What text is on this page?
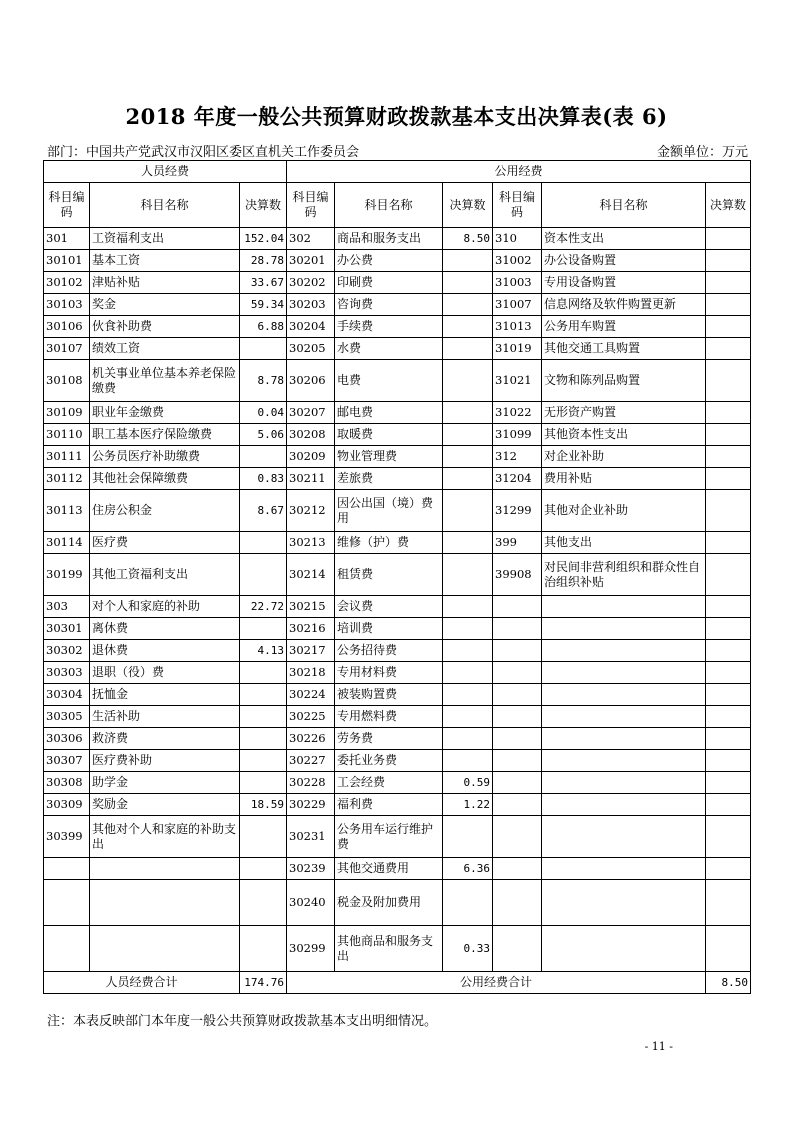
2018 年度一般公共预算财政拨款基本支出决算表(表 6)
部门：中国共产党武汉市汉阳区委区直机关工作委员会	金额单位：万元
人员经费			公用经费					
科目编码	科目名称	决算数	科目编码	科目名称	决算数	科目编码	科目名称	决算数
301	工资福利支出	152.04	302	商品和服务支出	8.50	310	资本性支出	
30101	基本工资	28.78	30201	办公费		31002	办公设备购置	
30102	津贴补贴	33.67	30202	印刷费		31003	专用设备购置	
30103	奖金	59.34	30203	咨询费		31007	信息网络及软件购置更新	
30106	伙食补助费	6.88	30204	手续费		31013	公务用车购置	
30107	绩效工资		30205	水费		31019	其他交通工具购置	
30108	机关事业单位基本养老保险缴费	8.78	30206	电费		31021	文物和陈列品购置	
30109	职业年金缴费	0.04	30207	邮电费		31022	无形资产购置	
30110	职工基本医疗保险缴费	5.06	30208	取暖费		31099	其他资本性支出	
30111	公务员医疗补助缴费		30209	物业管理费		312	对企业补助	
30112	其他社会保障缴费	0.83	30211	差旅费		31204	费用补贴	
30113	住房公积金	8.67	30212	因公出国（境）费用		31299	其他对企业补助	
30114	医疗费		30213	维修（护）费		399	其他支出	
30199	其他工资福利支出		30214	租赁费		39908	对民间非营利组织和群众性自治组织补贴	
303	对个人和家庭的补助	22.72	30215	会议费				
30301	离休费		30216	培训费				
30302	退休费	4.13	30217	公务招待费				
30303	退职（役）费		30218	专用材料费				
30304	抚恤金		30224	被装购置费				
30305	生活补助		30225	专用燃料费				
30306	救济费		30226	劳务费				
30307	医疗费补助		30227	委托业务费				
30308	助学金		30228	工会经费	0.59			
30309	奖励金	18.59	30229	福利费	1.22			
30399	其他对个人和家庭的补助支出		30231	公务用车运行维护费				
			30239	其他交通费用	6.36			
			30240	税金及附加费用				
			30299	其他商品和服务支出	0.33			
人员经费合计		174.76	公用经费合计					8.50
注：本表反映部门本年度一般公共预算财政拨款基本支出明细情况。
- 11 -
